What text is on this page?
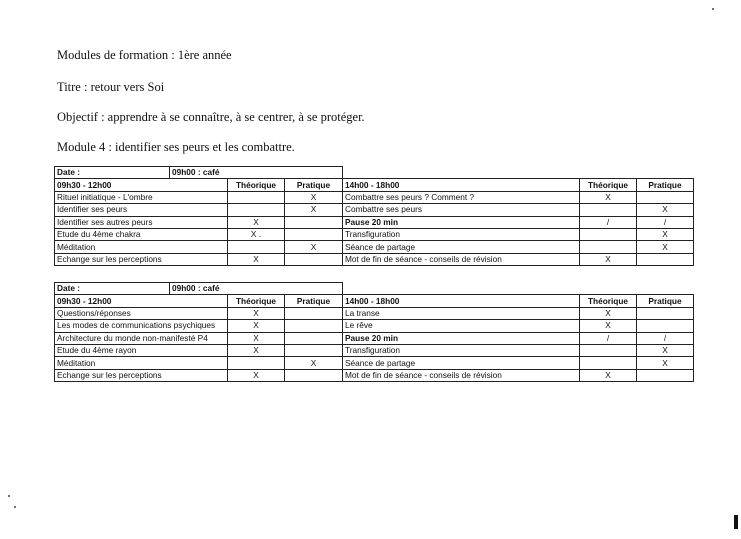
Modules de formation : 1ère année
Titre : retour vers Soi
Objectif : apprendre à se connaître, à se centrer, à se protéger.
Module 4 : identifier ses peurs et les combattre.
Date :	09h00 : café					
09h30 - 12h00		Théorique	Pratique	14h00 - 18h00	Théorique	Pratique
Rituel initiatique - L'ombre			X	Combattre ses peurs ? Comment ?	X	
Identifier ses peurs			X	Combattre ses peurs		X
Identifier ses autres peurs		X		Pause 20 min	/	/
Etude du 4ème chakra		X .		Transfiguration		X
Méditation			X	Séance de partage		X
Echange sur les perceptions		X		Mot de fin de séance - conseils de révision	X	
Date :	09h00 : café					
09h30 - 12h00		Théorique	Pratique	14h00 - 18h00	Théorique	Pratique
Questions/réponses		X		La transe	X	
Les modes de communications psychiques		X		Le rêve	X	
Architecture du monde non-manifesté P4		X		Pause 20 min	/	/
Etude du 4ème rayon		X		Transfiguration		X
Méditation			X	Séance de partage		X
Echange sur les perceptions		X		Mot de fin de séance - conseils de révision	X	
